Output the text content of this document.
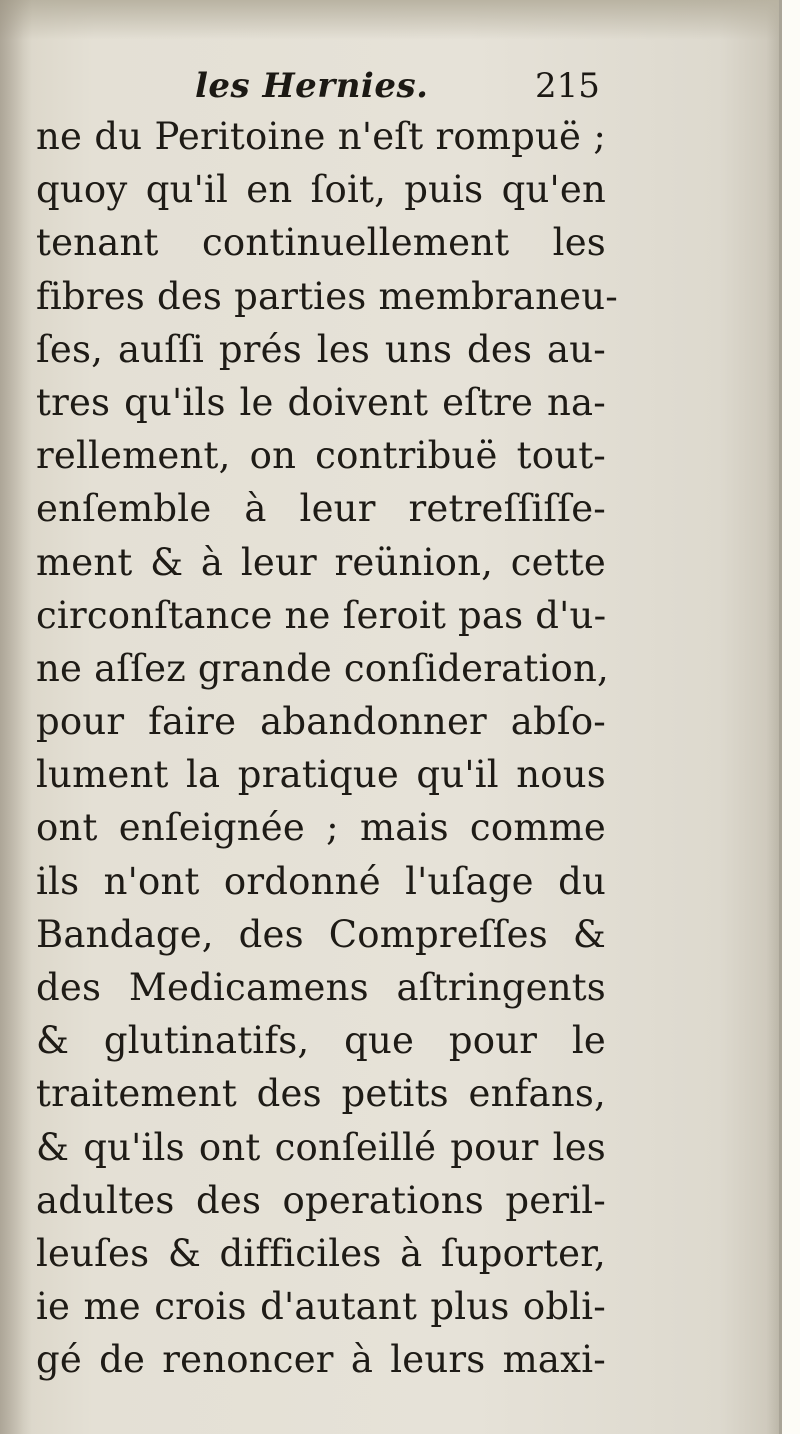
les Hernies.	215
ne du Peritoine n'eſt rompuë ;
quoy qu'il en ſoit, puis qu'en
tenant continuellement les
fibres des parties membraneu-
ſes, auſſi prés les uns des au-
tres qu'ils le doivent eſtre na-
rellement, on contribuë tout-
enſemble à leur retreſſiſſe-
ment & à leur reünion, cette
circonſtance ne ſeroit pas d'u-
ne aſſez grande conſideration,
pour faire abandonner abſo-
lument la pratique qu'il nous
ont enſeignée ; mais comme
ils n'ont ordonné l'uſage du
Bandage, des Compreſſes &
des Medicamens aſtringents
& glutinatifs, que pour le
traitement des petits enfans,
& qu'ils ont conſeillé pour les
adultes des operations peril-
leuſes & difficiles à ſuporter,
ie me crois d'autant plus obli-
gé de renoncer à leurs maxi-
